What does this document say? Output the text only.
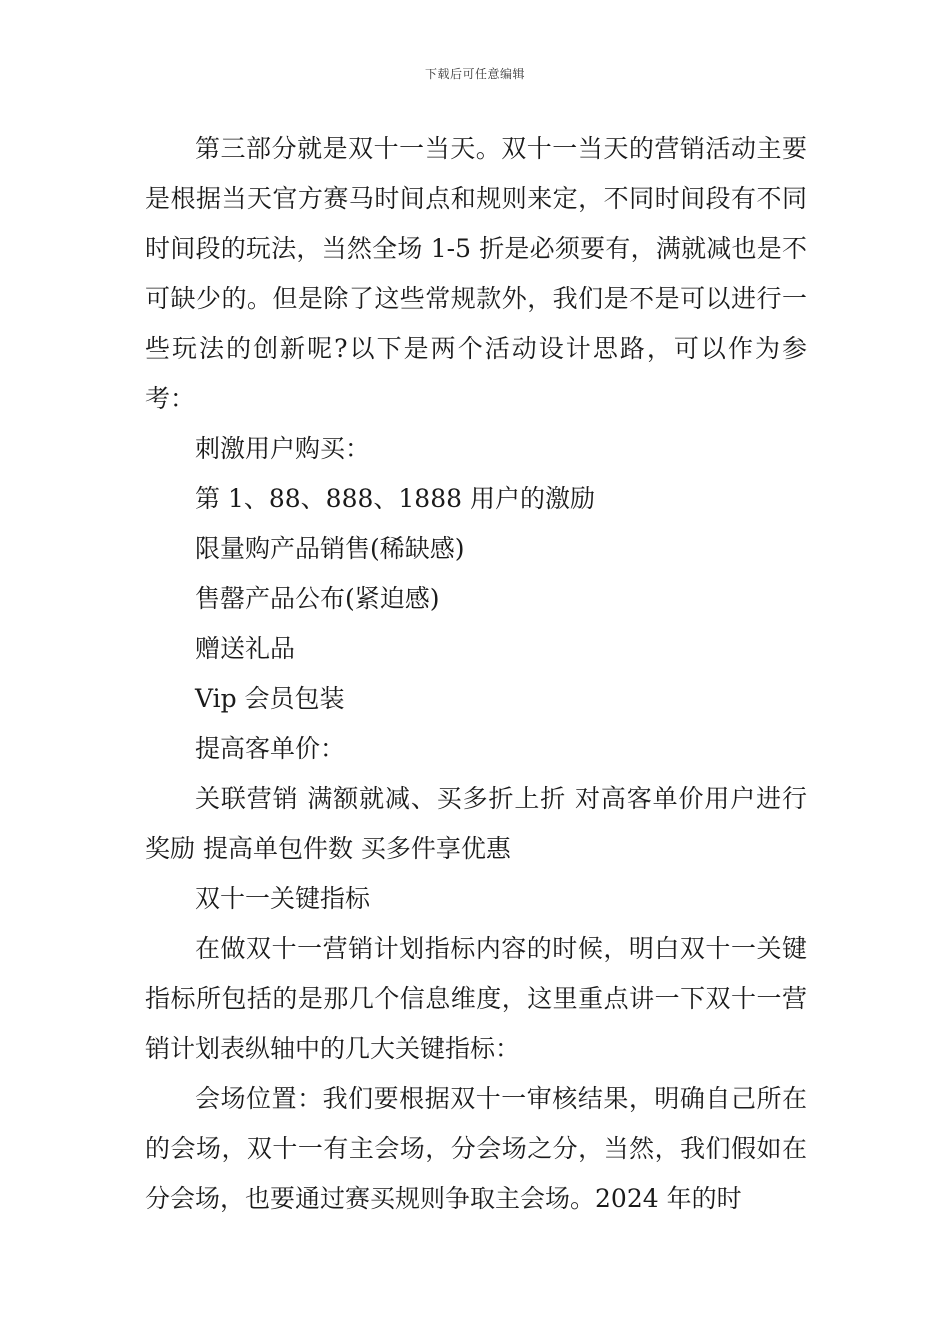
下载后可任意编辑

第三部分就是双十一当天。双十一当天的营销活动主要是根据当天官方赛马时间点和规则来定，不同时间段有不同时间段的玩法，当然全场 1-5 折是必须要有，满就减也是不可缺少的。但是除了这些常规款外，我们是不是可以进行一些玩法的创新呢?以下是两个活动设计思路，可以作为参考：

刺激用户购买：

第 1、88、888、1888 用户的激励

限量购产品销售(稀缺感)

售罄产品公布(紧迫感)

赠送礼品

Vip 会员包装

提高客单价：

关联营销 满额就减、买多折上折 对高客单价用户进行奖励 提高单包件数 买多件享优惠

双十一关键指标

在做双十一营销计划指标内容的时候，明白双十一关键指标所包括的是那几个信息维度，这里重点讲一下双十一营销计划表纵轴中的几大关键指标：

会场位置：我们要根据双十一审核结果，明确自己所在的会场，双十一有主会场，分会场之分，当然，我们假如在分会场，也要通过赛买规则争取主会场。2024 年的时
